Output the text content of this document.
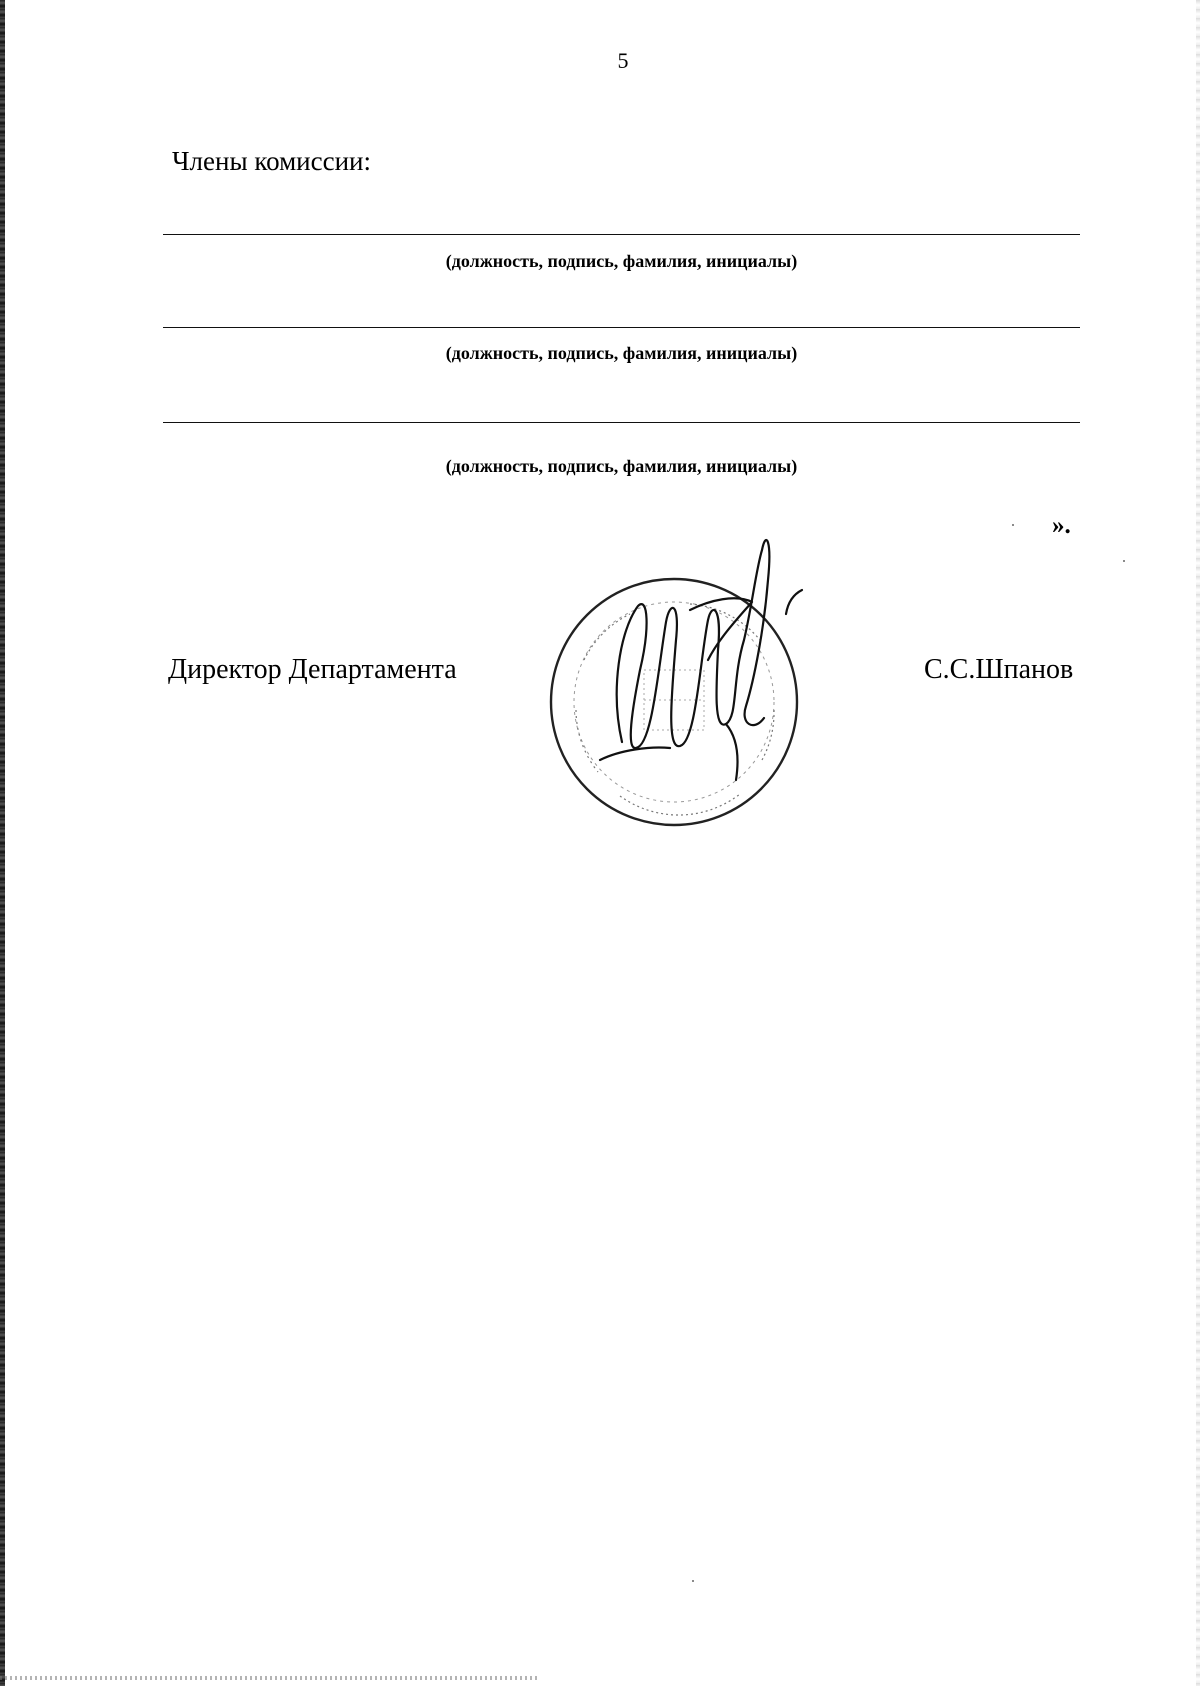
5
Члены комиссии:
(должность, подпись, фамилия, инициалы)
(должность, подпись, фамилия, инициалы)
(должность, подпись, фамилия, инициалы)
».
Директор Департамента	С.С.Шпанов
